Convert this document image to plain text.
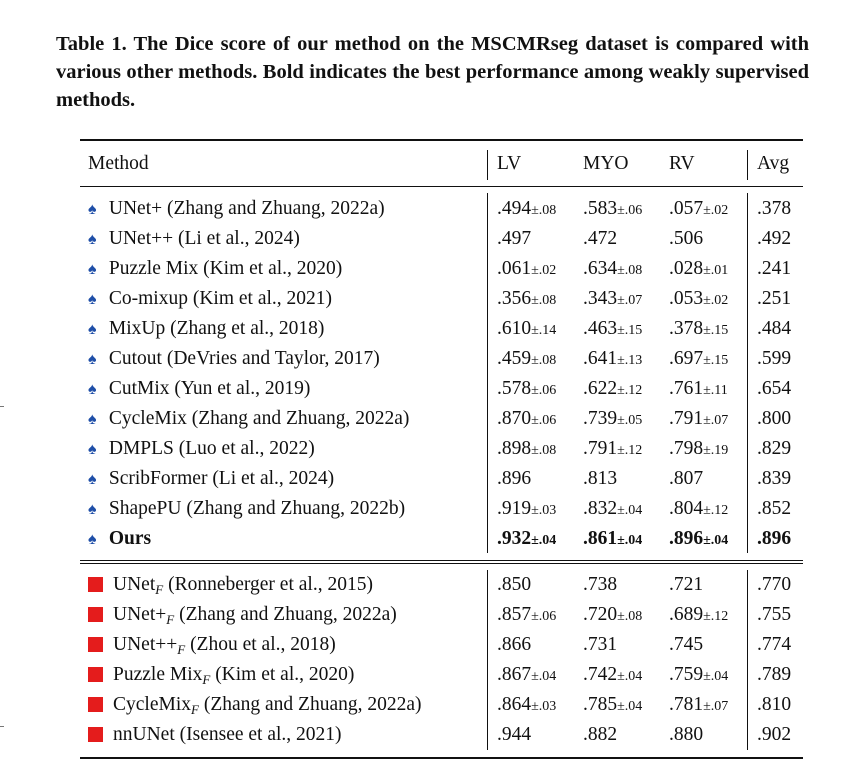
Table 1. The Dice score of our method on the MSCMRseg dataset is compared with various other methods. Bold indicates the best performance among weakly supervised methods.
Method	LV	MYO RV	Avg
♠ UNet+ (Zhang and Zhuang, 2022a)	.494±.08 .583±.06 .057±.02 .378
♠ UNet++ (Li et al., 2024)	.497	.472	.506	.492
♠ Puzzle Mix (Kim et al., 2020)	.061±.02 .634±.08 .028±.01 .241
♠ Co-mixup (Kim et al., 2021)	.356±.08 .343±.07 .053±.02 .251
♠ MixUp (Zhang et al., 2018)	.610±.14 .463±.15 .378±.15 .484
♠ Cutout (DeVries and Taylor, 2017)	.459±.08 .641±.13 .697±.15 .599
♠ CutMix (Yun et al., 2019)	.578±.06 .622±.12 .761±.11 .654
♠ CycleMix (Zhang and Zhuang, 2022a)	.870±.06 .739±.05 .791±.07 .800
♠ DMPLS (Luo et al., 2022)	.898±.08 .791±.12 .798±.19 .829
♠ ScribFormer (Li et al., 2024)	.896	.813	.807	.839
♠ ShapePU (Zhang and Zhuang, 2022b)	.919±.03 .832±.04 .804±.12 .852
♠ Ours	.932±.04 .861±.04 .896±.04 .896
UNet$_F$ (Ronneberger et al., 2015)	.850	.738	.721	.770
$UNet+_F$ (Zhang and Zhuang, 2022a)	.857±.06 .720±.08 .689±.12 .755
$UNet++_F$ (Zhou et al., 2018)	.866	.731	.745	.774
Puzzle Mix$_F$ (Kim et al., 2020)	.867±.04 .742±.04 .759±.04 .789
CycleMix$_F$ (Zhang and Zhuang, 2022a)	.864±.03 .785±.04 .781±.07 .810
nnUNet (Isensee et al., 2021)	.944	.882	.880	.902
